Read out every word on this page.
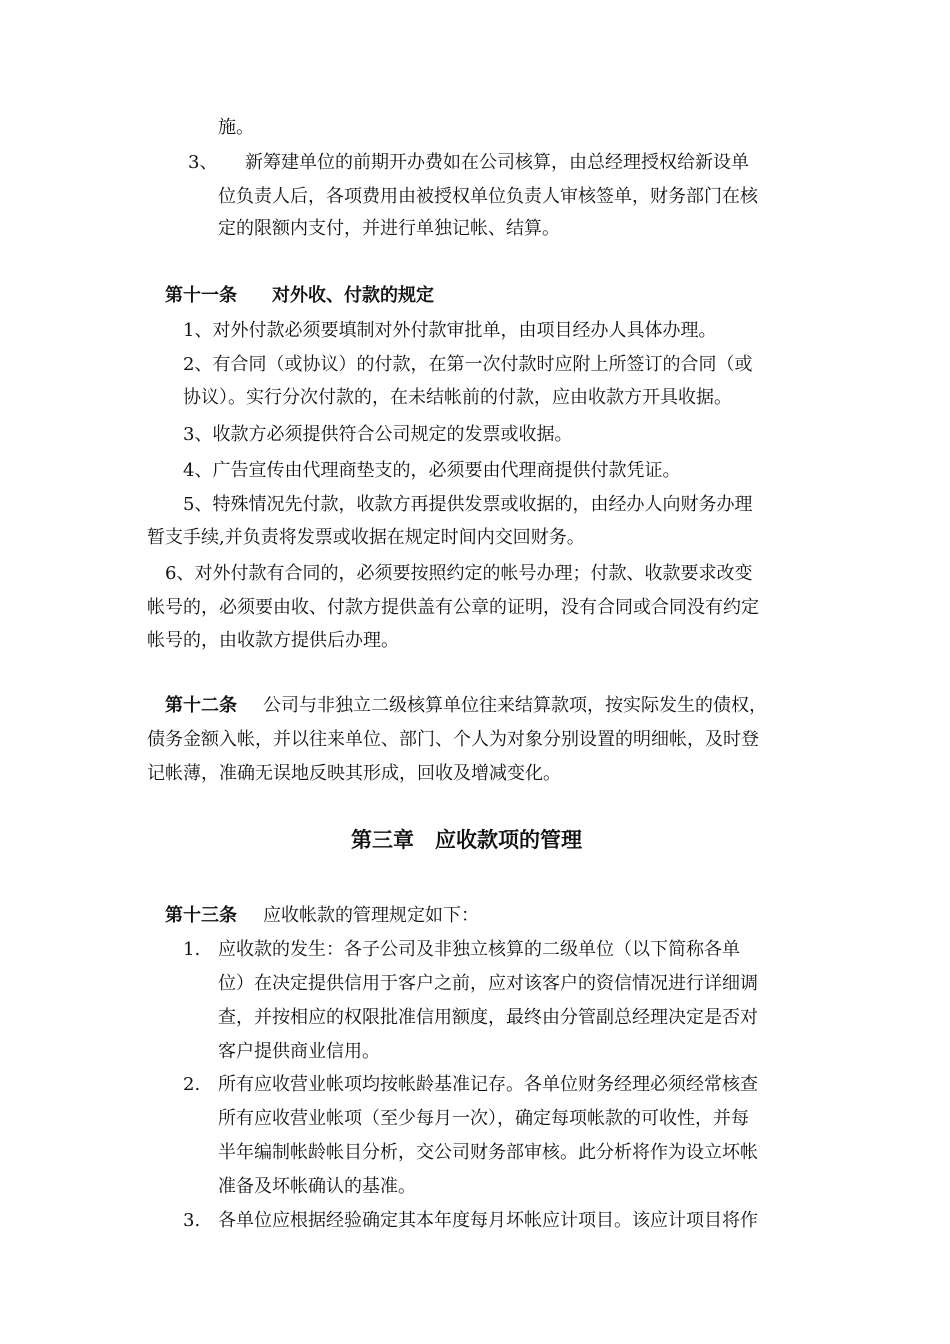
施。
3、 新筹建单位的前期开办费如在公司核算，由总经理授权给新设单
位负责人后，各项费用由被授权单位负责人审核签单，财务部门在核
定的限额内支付，并进行单独记帐、结算。
第十一条 对外收、付款的规定
1、对外付款必须要填制对外付款审批单，由项目经办人具体办理。
2、有合同（或协议）的付款，在第一次付款时应附上所签订的合同（或
协议）。实行分次付款的，在未结帐前的付款，应由收款方开具收据。
3、收款方必须提供符合公司规定的发票或收据。
4、广告宣传由代理商垫支的，必须要由代理商提供付款凭证。
5、特殊情况先付款，收款方再提供发票或收据的，由经办人向财务办理
暂支手续,并负责将发票或收据在规定时间内交回财务。
6、对外付款有合同的，必须要按照约定的帐号办理；付款、收款要求改变
帐号的，必须要由收、付款方提供盖有公章的证明，没有合同或合同没有约定
帐号的，由收款方提供后办理。
第十二条 公司与非独立二级核算单位往来结算款项，按实际发生的债权，
债务金额入帐，并以往来单位、部门、个人为对象分别设置的明细帐，及时登
记帐薄，准确无误地反映其形成，回收及增减变化。
第三章　应收款项的管理
第十三条 应收帐款的管理规定如下：
1. 应收款的发生：各子公司及非独立核算的二级单位（以下简称各单
位）在决定提供信用于客户之前，应对该客户的资信情况进行详细调
查，并按相应的权限批准信用额度，最终由分管副总经理决定是否对
客户提供商业信用。
2. 所有应收营业帐项均按帐龄基准记存。各单位财务经理必须经常核查
所有应收营业帐项（至少每月一次），确定每项帐款的可收性，并每
半年编制帐龄帐目分析，交公司财务部审核。此分析将作为设立坏帐
准备及坏帐确认的基准。
3. 各单位应根据经验确定其本年度每月坏帐应计项目。该应计项目将作
